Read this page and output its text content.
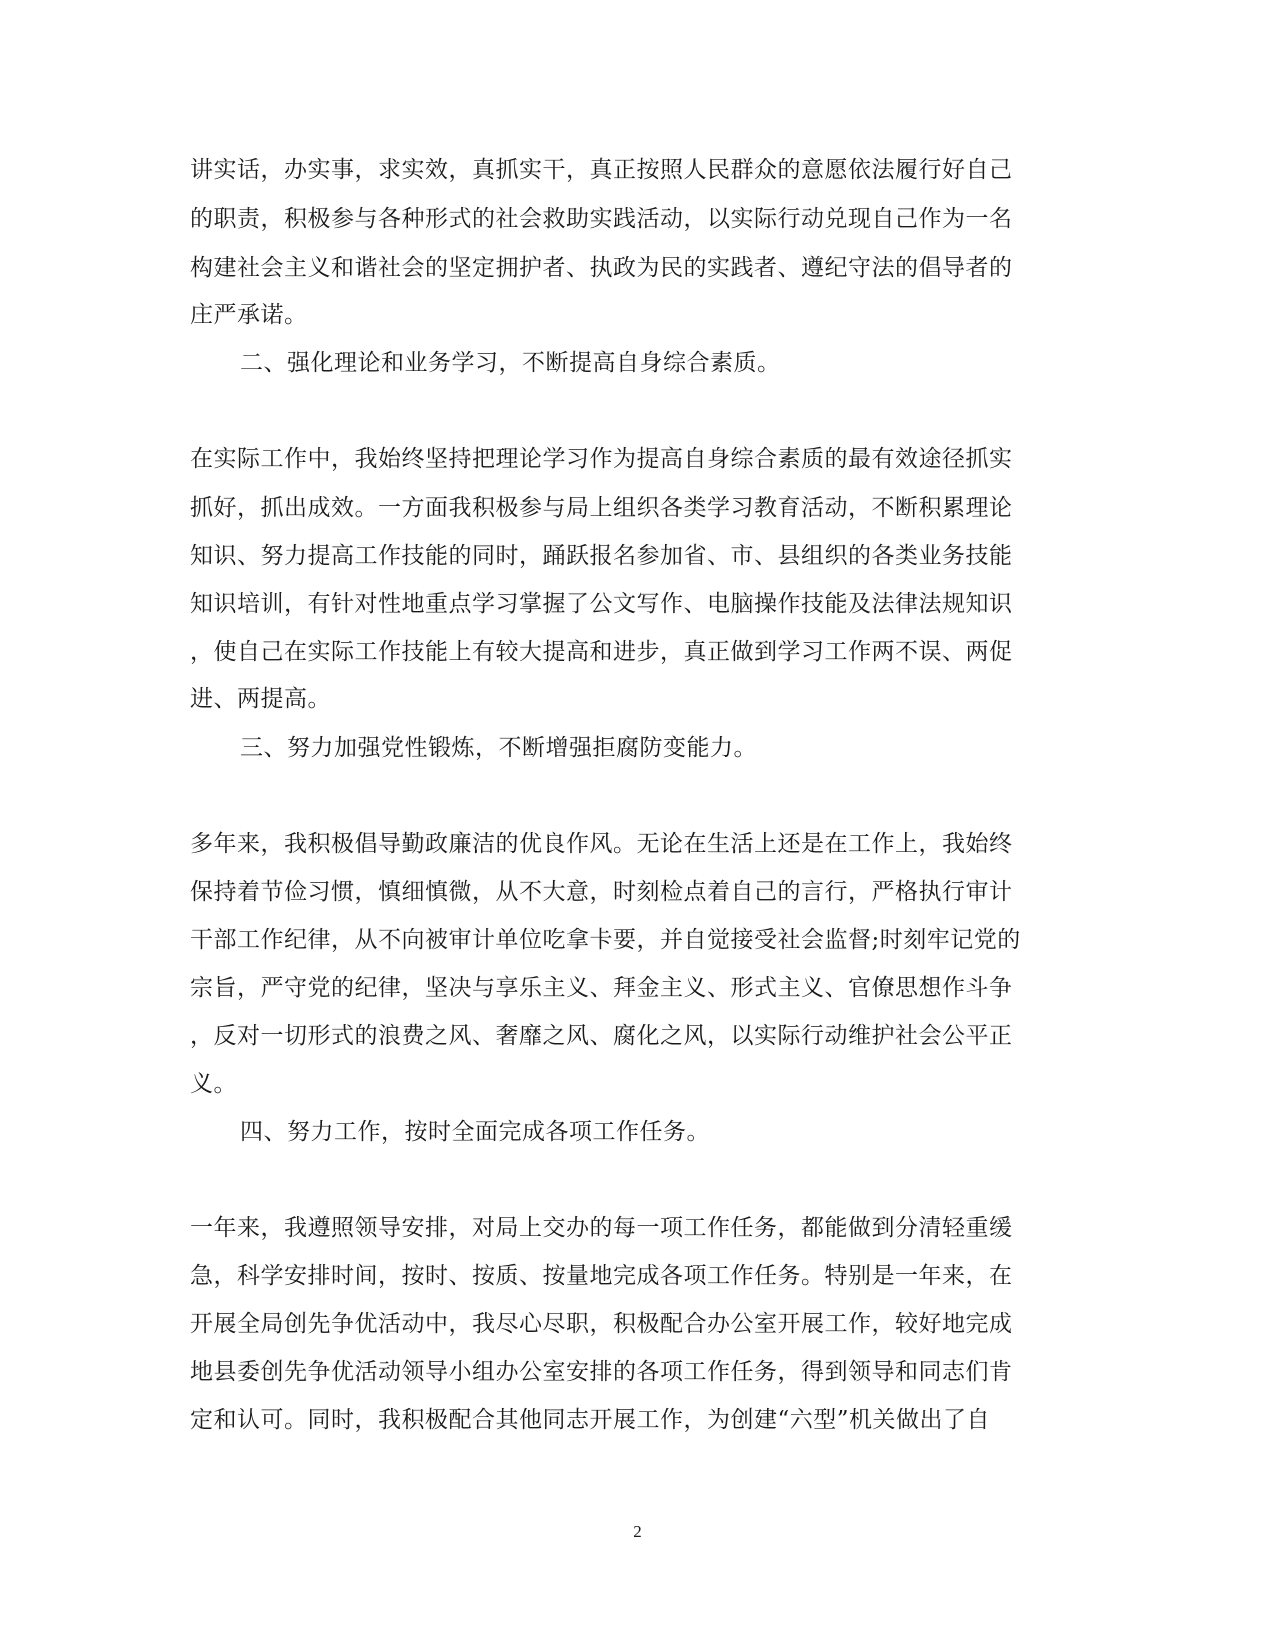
讲实话，办实事，求实效，真抓实干，真正按照人民群众的意愿依法履行好自己
的职责，积极参与各种形式的社会救助实践活动，以实际行动兑现自己作为一名
构建社会主义和谐社会的坚定拥护者、执政为民的实践者、遵纪守法的倡导者的
庄严承诺。
二、强化理论和业务学习，不断提高自身综合素质。
在实际工作中，我始终坚持把理论学习作为提高自身综合素质的最有效途径抓实
抓好，抓出成效。一方面我积极参与局上组织各类学习教育活动，不断积累理论
知识、努力提高工作技能的同时，踊跃报名参加省、市、县组织的各类业务技能
知识培训，有针对性地重点学习掌握了公文写作、电脑操作技能及法律法规知识
，使自己在实际工作技能上有较大提高和进步，真正做到学习工作两不误、两促
进、两提高。
三、努力加强党性锻炼，不断增强拒腐防变能力。
多年来，我积极倡导勤政廉洁的优良作风。无论在生活上还是在工作上，我始终
保持着节俭习惯，慎细慎微，从不大意，时刻检点着自己的言行，严格执行审计
干部工作纪律，从不向被审计单位吃拿卡要，并自觉接受社会监督;时刻牢记党的
宗旨，严守党的纪律，坚决与享乐主义、拜金主义、形式主义、官僚思想作斗争
，反对一切形式的浪费之风、奢靡之风、腐化之风，以实际行动维护社会公平正
义。
四、努力工作，按时全面完成各项工作任务。
一年来，我遵照领导安排，对局上交办的每一项工作任务，都能做到分清轻重缓
急，科学安排时间，按时、按质、按量地完成各项工作任务。特别是一年来，在
开展全局创先争优活动中，我尽心尽职，积极配合办公室开展工作，较好地完成
地县委创先争优活动领导小组办公室安排的各项工作任务，得到领导和同志们肯
定和认可。同时，我积极配合其他同志开展工作，为创建“六型”机关做出了自
2
